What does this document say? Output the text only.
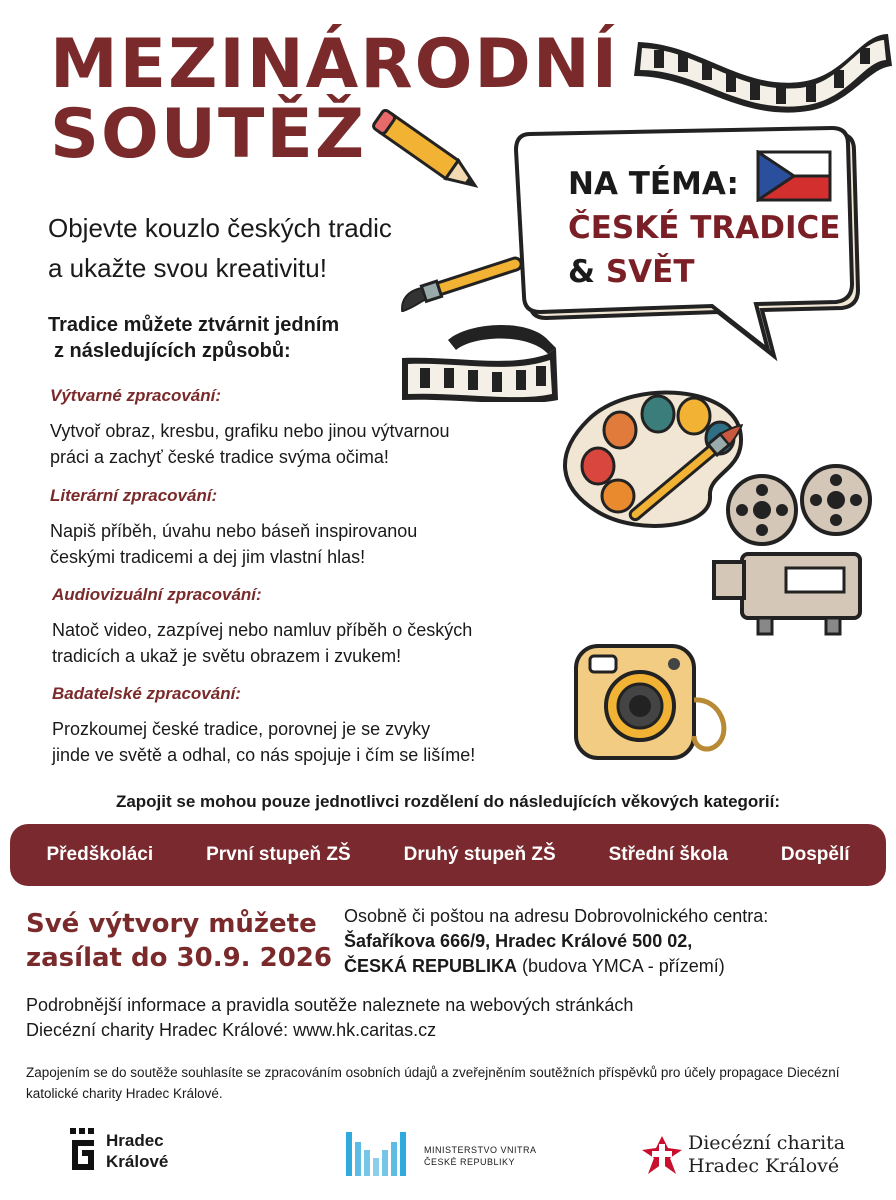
MEZINÁRODNÍ
SOUTĚŽ
Objevte kouzlo českých tradic
a ukažte svou kreativitu!
NA TÉMA:
ČESKÉ TRADICE
& SVĚT
Tradice můžete ztvárnit jedním
z následujících způsobů:
Výtvarné zpracování:
Vytvoř obraz, kresbu, grafiku nebo jinou výtvarnou
práci a zachyť české tradice svýma očima!
Literární zpracování:
Napiš příběh, úvahu nebo báseň inspirovanou
českými tradicemi a dej jim vlastní hlas!
Audiovizuální zpracování:
Natoč video, zazpívej nebo namluv příběh o českých
tradicích a ukaž je světu obrazem i zvukem!
Badatelské zpracování:
Prozkoumej české tradice, porovnej je se zvyky
jinde ve světě a odhal, co nás spojuje i čím se lišíme!
Zapojit se mohou pouze jednotlivci rozdělení do následujících věkových kategorií:
Předškoláci	První stupeň ZŠ	Druhý stupeň ZŠ	Střední škola	Dospělí
Své výtvory můžete
zasílat do 30.9. 2026
Osobně či poštou na adresu Dobrovolnického centra:
Šafaříkova 666/9, Hradec Králové 500 02,
ČESKÁ REPUBLIKA (budova YMCA - přízemí)
Podrobnější informace a pravidla soutěže naleznete na webových stránkách
Diecézní charity Hradec Králové: www.hk.caritas.cz
Zapojením se do soutěže souhlasíte se zpracováním osobních údajů a zveřejněním soutěžních příspěvků pro účely propagace Diecézní katolické charity Hradec Králové.
Hradec
Králové
MINISTERSTVO VNITRA
ČESKÉ REPUBLIKY
Diecézní charita
Hradec Králové
